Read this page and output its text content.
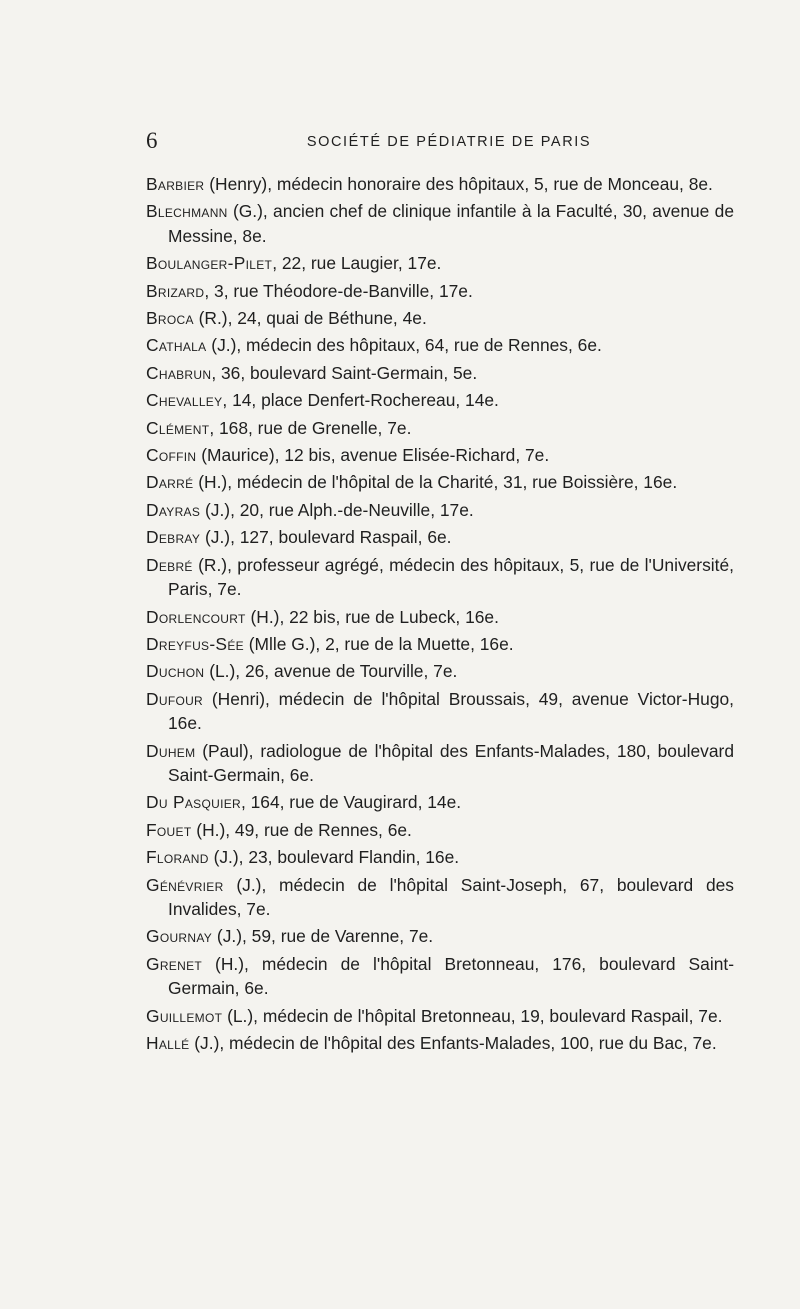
6	SOCIÉTÉ DE PÉDIATRIE DE PARIS

Barbier (Henry), médecin honoraire des hôpitaux, 5, rue de Monceau, 8e.

Blechmann (G.), ancien chef de clinique infantile à la Faculté, 30, avenue de Messine, 8e.

Boulanger-Pilet, 22, rue Laugier, 17e.

Brizard, 3, rue Théodore-de-Banville, 17e.

Broca (R.), 24, quai de Béthune, 4e.

Cathala (J.), médecin des hôpitaux, 64, rue de Rennes, 6e.

Chabrun, 36, boulevard Saint-Germain, 5e.

Chevalley, 14, place Denfert-Rochereau, 14e.

Clément, 168, rue de Grenelle, 7e.

Coffin (Maurice), 12 bis, avenue Elisée-Richard, 7e.

Darré (H.), médecin de l'hôpital de la Charité, 31, rue Boissière, 16e.

Dayras (J.), 20, rue Alph.-de-Neuville, 17e.

Debray (J.), 127, boulevard Raspail, 6e.

Debré (R.), professeur agrégé, médecin des hôpitaux, 5, rue de l'Université, Paris, 7e.

Dorlencourt (H.), 22 bis, rue de Lubeck, 16e.

Dreyfus-Sée (Mlle G.), 2, rue de la Muette, 16e.

Duchon (L.), 26, avenue de Tourville, 7e.

Dufour (Henri), médecin de l'hôpital Broussais, 49, avenue Victor-Hugo, 16e.

Duhem (Paul), radiologue de l'hôpital des Enfants-Malades, 180, boulevard Saint-Germain, 6e.

Du Pasquier, 164, rue de Vaugirard, 14e.

Fouet (H.), 49, rue de Rennes, 6e.

Florand (J.), 23, boulevard Flandin, 16e.

Génévrier (J.), médecin de l'hôpital Saint-Joseph, 67, boulevard des Invalides, 7e.

Gournay (J.), 59, rue de Varenne, 7e.

Grenet (H.), médecin de l'hôpital Bretonneau, 176, boulevard Saint-Germain, 6e.

Guillemot (L.), médecin de l'hôpital Bretonneau, 19, boulevard Raspail, 7e.

Hallé (J.), médecin de l'hôpital des Enfants-Malades, 100, rue du Bac, 7e.
